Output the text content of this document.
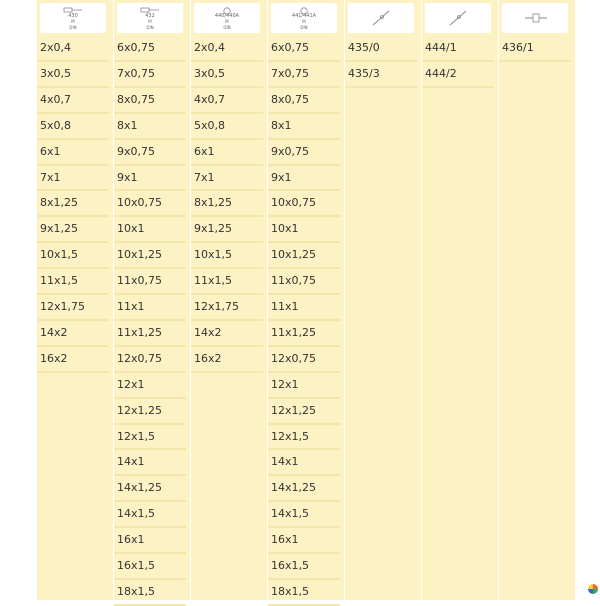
430
M
DIN
2x0,4
3x0,5
4x0,7
5x0,8
6x1
7x1
8x1,25
9x1,25
10x1,5
11x1,5
12x1,75
14x2
16x2
432
M
DIN
6x0,75
7x0,75
8x0,75
8x1
9x0,75
9x1
10x0,75
10x1
10x1,25
11x0,75
11x1
11x1,25
12x0,75
12x1
12x1,25
12x1,5
14x1
14x1,25
14x1,5
16x1
16x1,5
18x1,5
440/440A
M
DIN
2x0,4
3x0,5
4x0,7
5x0,8
6x1
7x1
8x1,25
9x1,25
10x1,5
11x1,5
12x1,75
14x2
16x2
441/441A
M
DIN
6x0,75
7x0,75
8x0,75
8x1
9x0,75
9x1
10x0,75
10x1
10x1,25
11x0,75
11x1
11x1,25
12x0,75
12x1
12x1,25
12x1,5
14x1
14x1,25
14x1,5
16x1
16x1,5
18x1,5
435/0
435/3
444/1
444/2
436/1
